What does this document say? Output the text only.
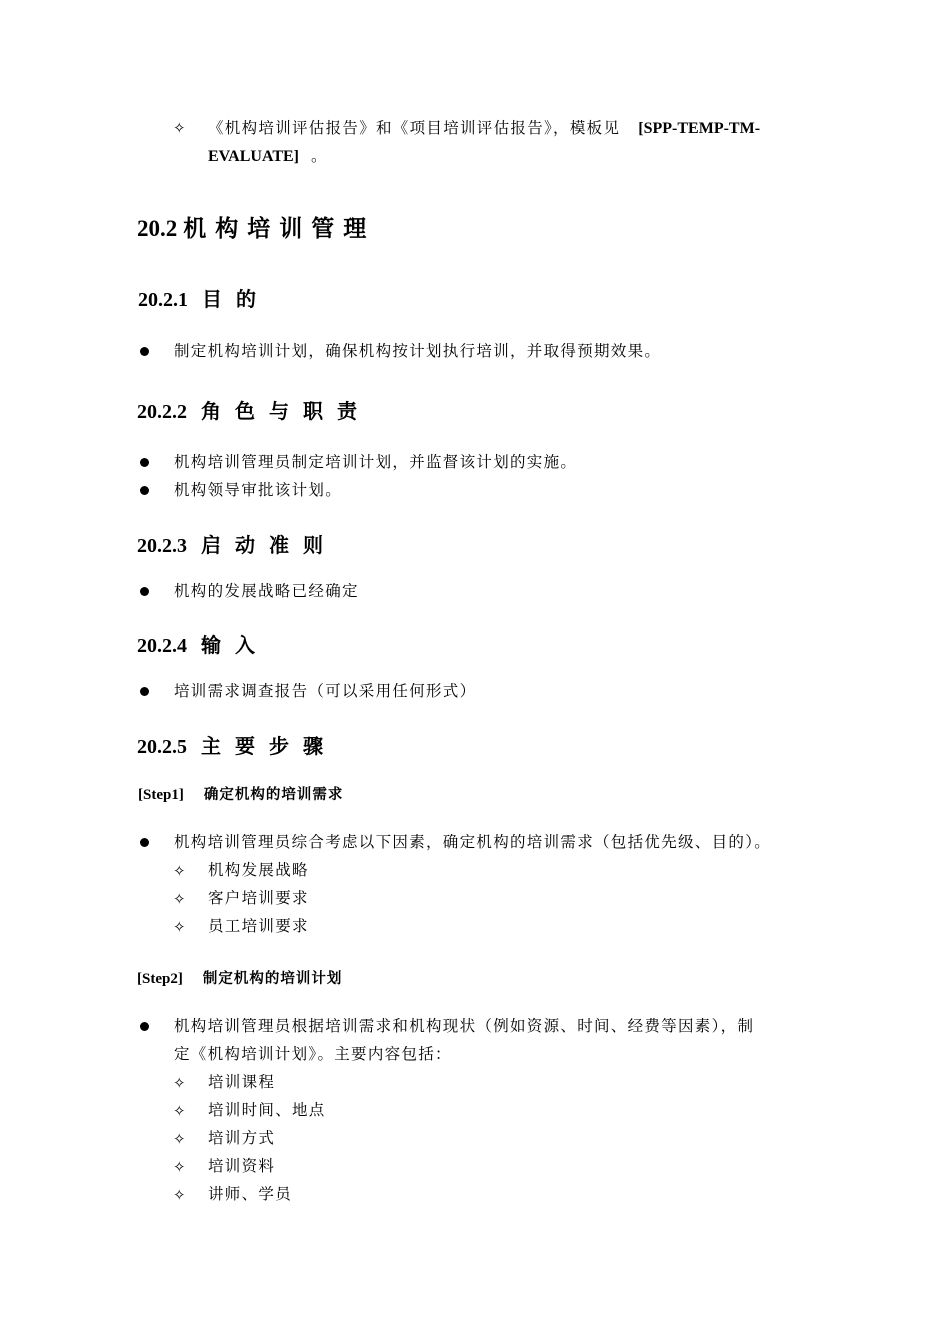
✧ 《机构培训评估报告》和《项目培训评估报告》，模板见 [SPP-TEMP-TM-
EVALUATE] 。
20.2 机构培训管理
20.2.1 目的
制定机构培训计划，确保机构按计划执行培训，并取得预期效果。
20.2.2 角色与职责
机构培训管理员制定培训计划，并监督该计划的实施。
机构领导审批该计划。
20.2.3 启动准则
机构的发展战略已经确定
20.2.4 输入
培训需求调查报告（可以采用任何形式）
20.2.5 主要步骤
[Step1] 确定机构的培训需求
机构培训管理员综合考虑以下因素，确定机构的培训需求（包括优先级、目的）。
✧ 机构发展战略
✧ 客户培训要求
✧ 员工培训要求
[Step2] 制定机构的培训计划
机构培训管理员根据培训需求和机构现状（例如资源、时间、经费等因素），制
定《机构培训计划》。主要内容包括：
✧ 培训课程
✧ 培训时间、地点
✧ 培训方式
✧ 培训资料
✧ 讲师、学员
